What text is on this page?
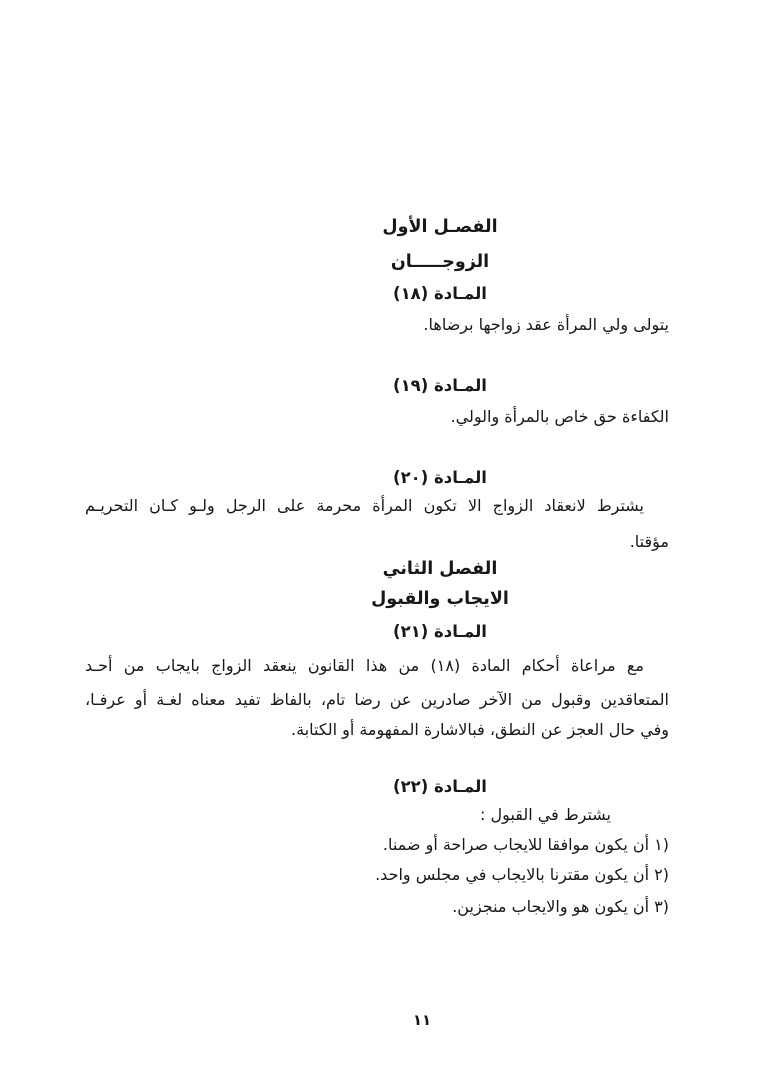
الفصـل الأول
الزوجـــــان
المـادة (١٨)
يتولى ولي المرأة عقد زواجها برضاها.
المـادة (١٩)
الكفاءة حق خاص بالمرأة والولي.
المـادة (٢٠)
يشترط لانعقاد الزواج الا تكون المرأة محرمة على الرجل ولـو كـان التحريـم
مؤقتا.
الفصل الثاني
الايجاب والقبول
المـادة (٢١)
مع مراعاة أحكام المادة (١٨) من هذا القانون ينعقد الزواج بايجاب من أحـد
المتعاقدين وقبول من الآخر صادرين عن رضا تام، بالفاظ تفيد معناه لغـة أو عرفـا،
وفي حال العجز عن النطق، فبالاشارة المفهومة أو الكتابة.
المـادة (٢٢)
يشترط في القبول :
١) أن يكون موافقا للايجاب صراحة أو ضمنا.
٢) أن يكون مقترنا بالايجاب في مجلس واحد.
٣) أن يكون هو والايجاب منجزين.
١١
